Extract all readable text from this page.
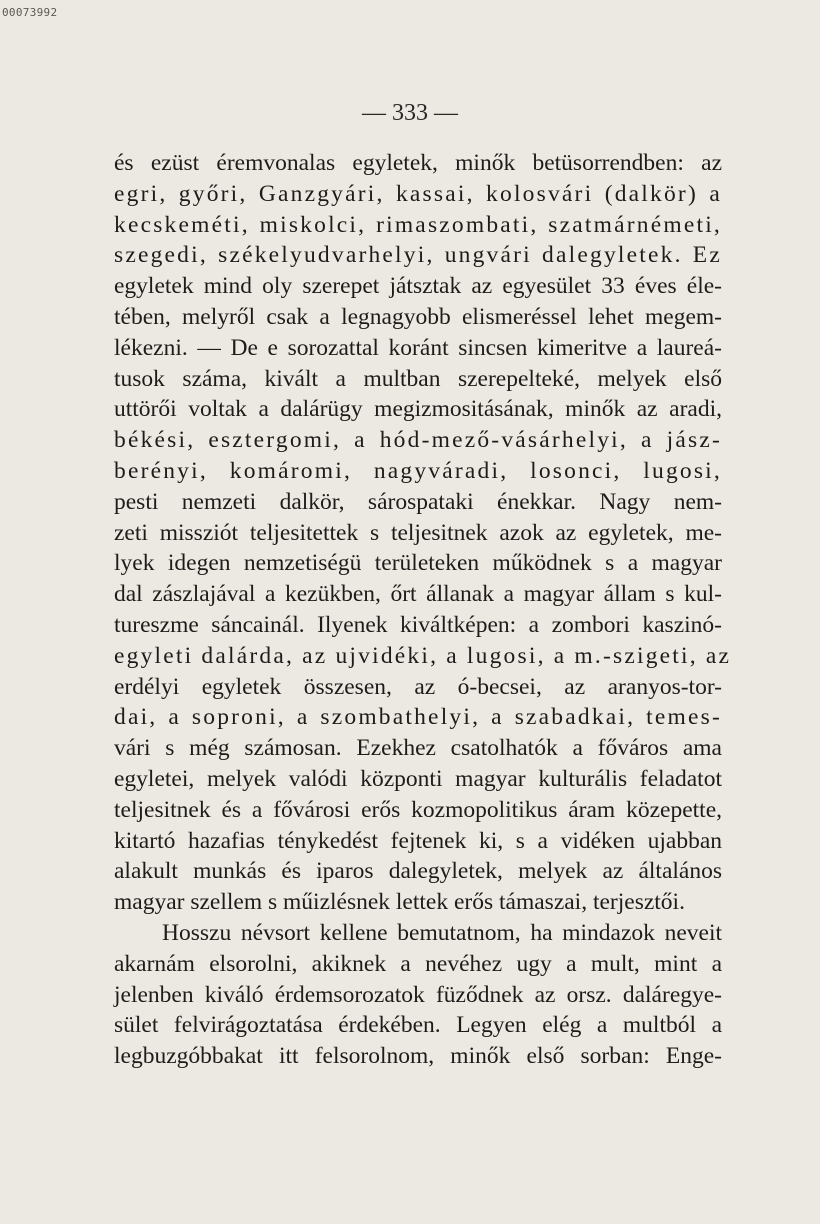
00073992
— 333 —
és ezüst éremvonalas egyletek, minők betüsorrendben: az
egri, győri, Ganzgyári, kassai, kolosvári (dalkör) a
kecskeméti, miskolci, rimaszombati, szatmárnémeti,
szegedi, székelyudvarhelyi, ungvári dalegyletek. Ez
egyletek mind oly szerepet játsztak az egyesület 33 éves éle-
tében, melyről csak a legnagyobb elismeréssel lehet megem-
lékezni. — De e sorozattal koránt sincsen kimeritve a laureá-
tusok száma, kivált a multban szerepelteké, melyek első
uttörői voltak a dalárügy megizmositásának, minők az aradi,
békési, esztergomi, a hód-mező-vásárhelyi, a jász-
berényi, komáromi, nagyváradi, losonci, lugosi,
pesti nemzeti dalkör, sárospataki énekkar. Nagy nem-
zeti missziót teljesitettek s teljesitnek azok az egyletek, me-
lyek idegen nemzetiségü területeken működnek s a magyar
dal zászlajával a kezükben, őrt állanak a magyar állam s kul-
tureszme sáncainál. Ilyenek kiváltképen: a zombori kaszinó-
egyleti dalárda, az ujvidéki, a lugosi, a m.-szigeti, az
erdélyi egyletek összesen, az ó-becsei, az aranyos-tor-
dai, a soproni, a szombathelyi, a szabadkai, temes-
vári s még számosan. Ezekhez csatolhatók a főváros ama
egyletei, melyek valódi központi magyar kulturális feladatot
teljesitnek és a fővárosi erős kozmopolitikus áram közepette,
kitartó hazafias ténykedést fejtenek ki, s a vidéken ujabban
alakult munkás és iparos dalegyletek, melyek az általános
magyar szellem s műizlésnek lettek erős támaszai, terjesztői.
Hosszu névsort kellene bemutatnom, ha mindazok neveit
akarnám elsorolni, akiknek a nevéhez ugy a mult, mint a
jelenben kiváló érdemsorozatok füződnek az orsz. daláregye-
sület felvirágoztatása érdekében. Legyen elég a multból a
legbuzgóbbakat itt felsorolnom, minők első sorban: Enge-
